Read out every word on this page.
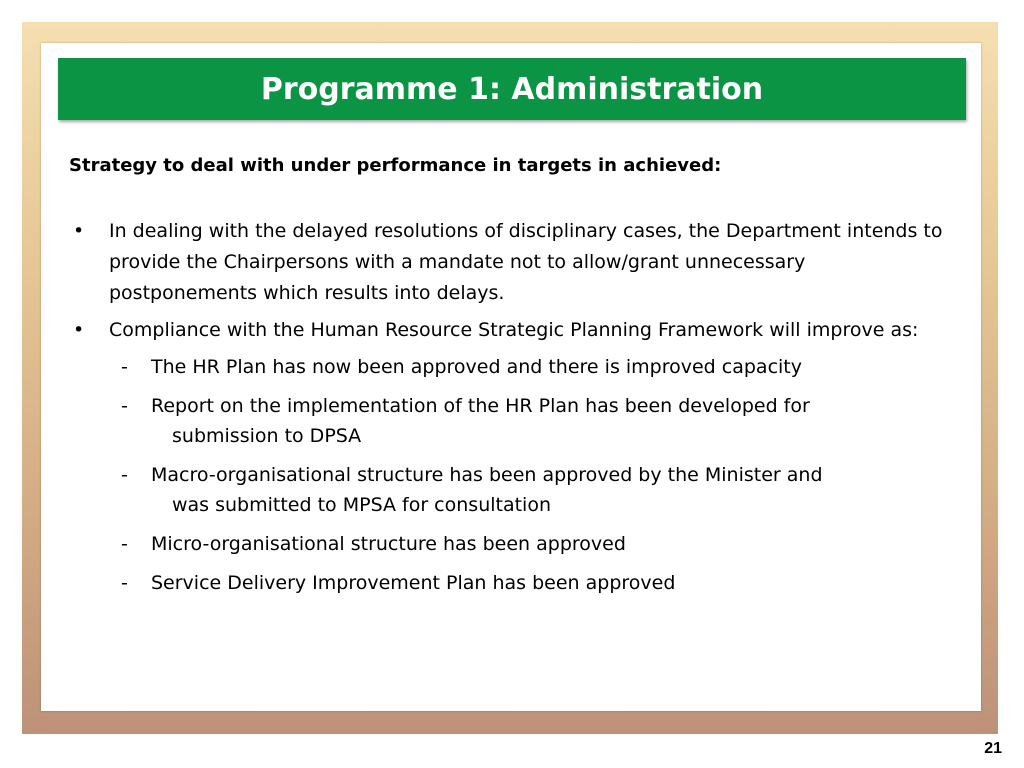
Programme 1: Administration
Strategy to deal with under performance in targets in achieved:
• In dealing with the delayed resolutions of disciplinary cases, the Department intends to provide the Chairpersons with a mandate not to allow/grant unnecessary postponements which results into delays.
• Compliance with the Human Resource Strategic Planning Framework will improve as:
- The HR Plan has now been approved and there is improved capacity
- Report on the implementation of the HR Plan has been developed for
submission to DPSA
- Macro-organisational structure has been approved by the Minister and
was submitted to MPSA for consultation
- Micro-organisational structure has been approved
- Service Delivery Improvement Plan has been approved
21
